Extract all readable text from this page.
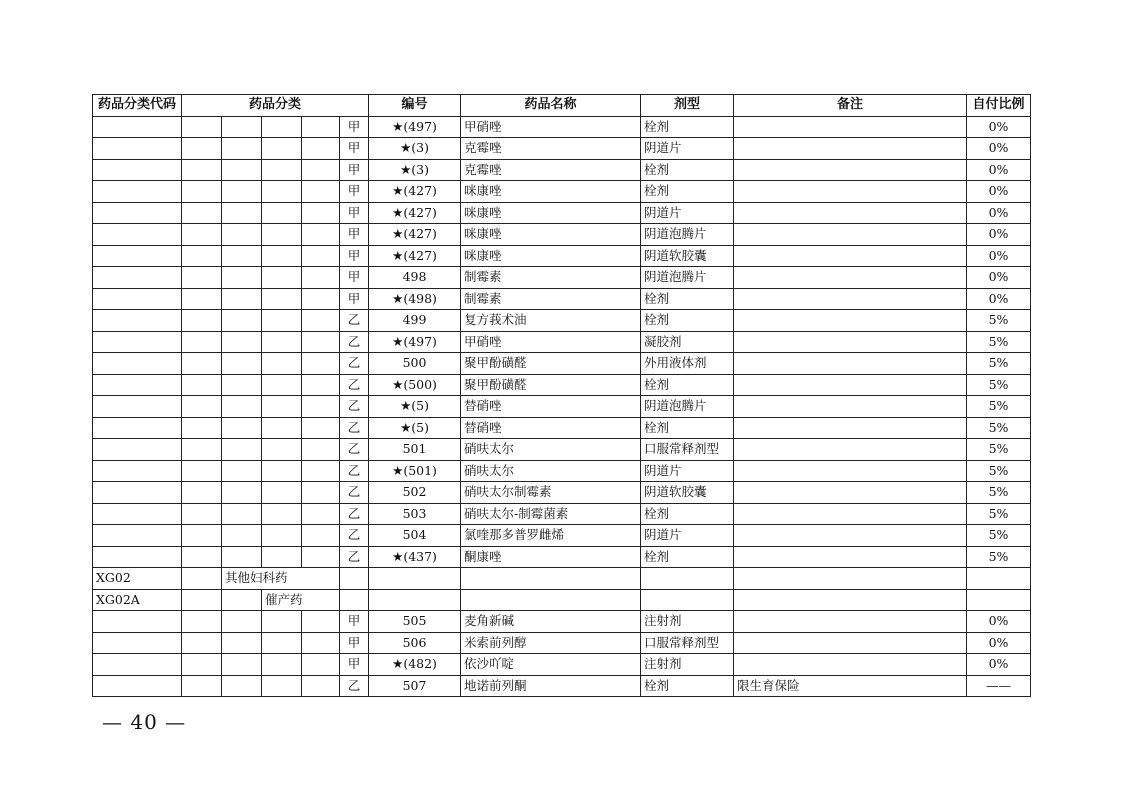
药品分类代码	药品分类					编号	药品名称	剂型	备注	自付比例
					甲	★(497)	甲硝唑	栓剂		0%
					甲	★(3)	克霉唑	阴道片		0%
					甲	★(3)	克霉唑	栓剂		0%
					甲	★(427)	咪康唑	栓剂		0%
					甲	★(427)	咪康唑	阴道片		0%
					甲	★(427)	咪康唑	阴道泡腾片		0%
					甲	★(427)	咪康唑	阴道软胶囊		0%
					甲	498	制霉素	阴道泡腾片		0%
					甲	★(498)	制霉素	栓剂		0%
					乙	499	复方莪术油	栓剂		5%
					乙	★(497)	甲硝唑	凝胶剂		5%
					乙	500	聚甲酚磺醛	外用液体剂		5%
					乙	★(500)	聚甲酚磺醛	栓剂		5%
					乙	★(5)	替硝唑	阴道泡腾片		5%
					乙	★(5)	替硝唑	栓剂		5%
					乙	501	硝呋太尔	口服常释剂型		5%
					乙	★(501)	硝呋太尔	阴道片		5%
					乙	502	硝呋太尔制霉素	阴道软胶囊		5%
					乙	503	硝呋太尔-制霉菌素	栓剂		5%
					乙	504	氯喹那多普罗雌烯	阴道片		5%
					乙	★(437)	酮康唑	栓剂		5%
XG02		其他妇科药								
XG02A			催产药							
					甲	505	麦角新碱	注射剂		0%
					甲	506	米索前列醇	口服常释剂型		0%
					甲	★(482)	依沙吖啶	注射剂		0%
					乙	507	地诺前列酮	栓剂	限生育保险	——
— 40 —
